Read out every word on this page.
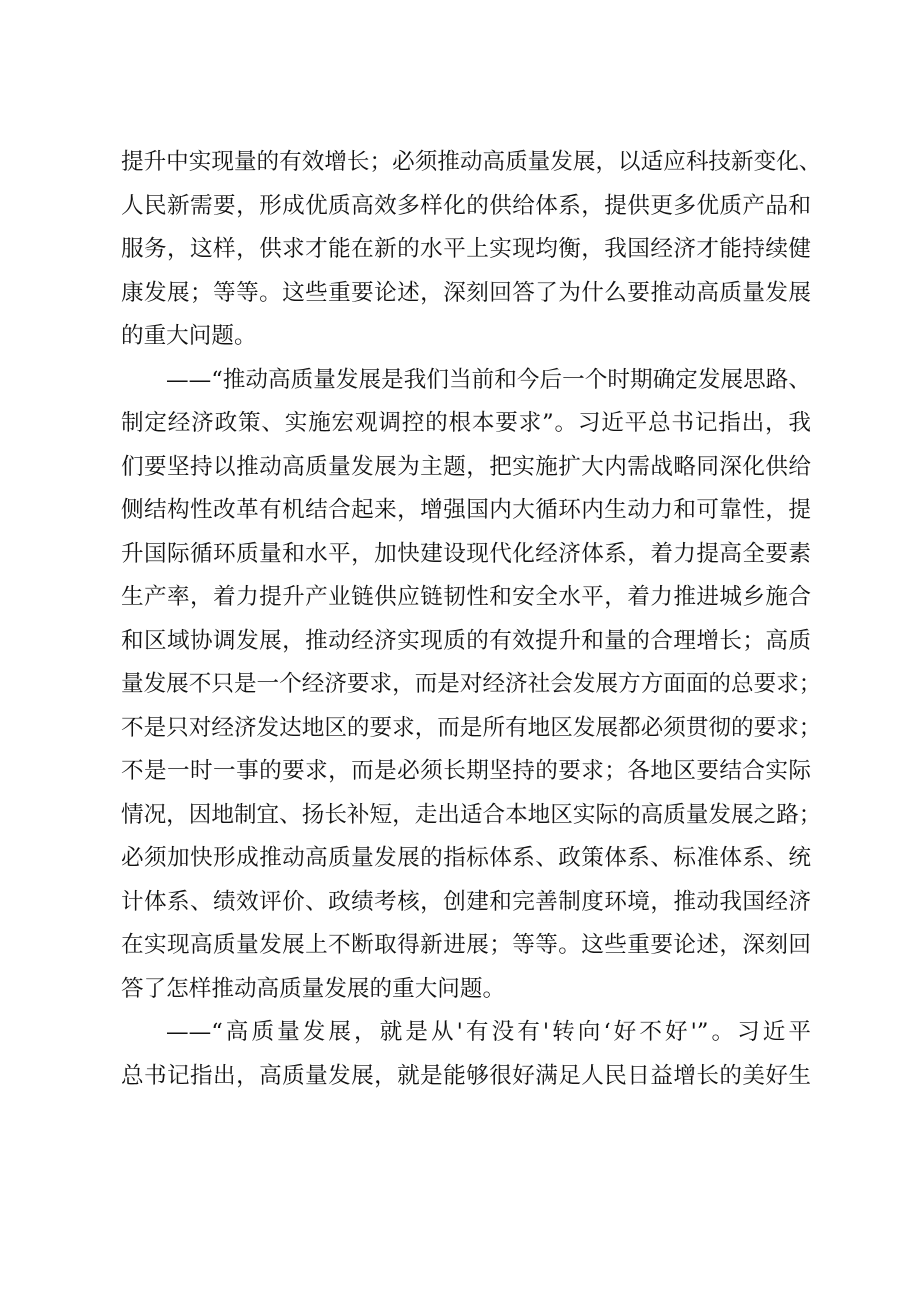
提升中实现量的有效增长；必须推动高质量发展，以适应科技新变化、
人民新需要，形成优质高效多样化的供给体系，提供更多优质产品和
服务，这样，供求才能在新的水平上实现均衡，我国经济才能持续健
康发展；等等。这些重要论述，深刻回答了为什么要推动高质量发展
的重大问题。
——“推动高质量发展是我们当前和今后一个时期确定发展思路、
制定经济政策、实施宏观调控的根本要求”。习近平总书记指出，我
们要坚持以推动高质量发展为主题，把实施扩大内需战略同深化供给
侧结构性改革有机结合起来，增强国内大循环内生动力和可靠性，提
升国际循环质量和水平，加快建设现代化经济体系，着力提高全要素
生产率，着力提升产业链供应链韧性和安全水平，着力推进城乡施合
和区域协调发展，推动经济实现质的有效提升和量的合理增长；高质
量发展不只是一个经济要求，而是对经济社会发展方方面面的总要求；
不是只对经济发达地区的要求，而是所有地区发展都必须贯彻的要求；
不是一时一事的要求，而是必须长期坚持的要求；各地区要结合实际
情况，因地制宜、扬长补短，走出适合本地区实际的高质量发展之路；
必须加快形成推动高质量发展的指标体系、政策体系、标准体系、统
计体系、绩效评价、政绩考核，创建和完善制度环境，推动我国经济
在实现高质量发展上不断取得新进展；等等。这些重要论述，深刻回
答了怎样推动高质量发展的重大问题。
——“高质量发展，就是从'有没有'转向‘好不好'”。习近平
总书记指出，高质量发展，就是能够很好满足人民日益增长的美好生
